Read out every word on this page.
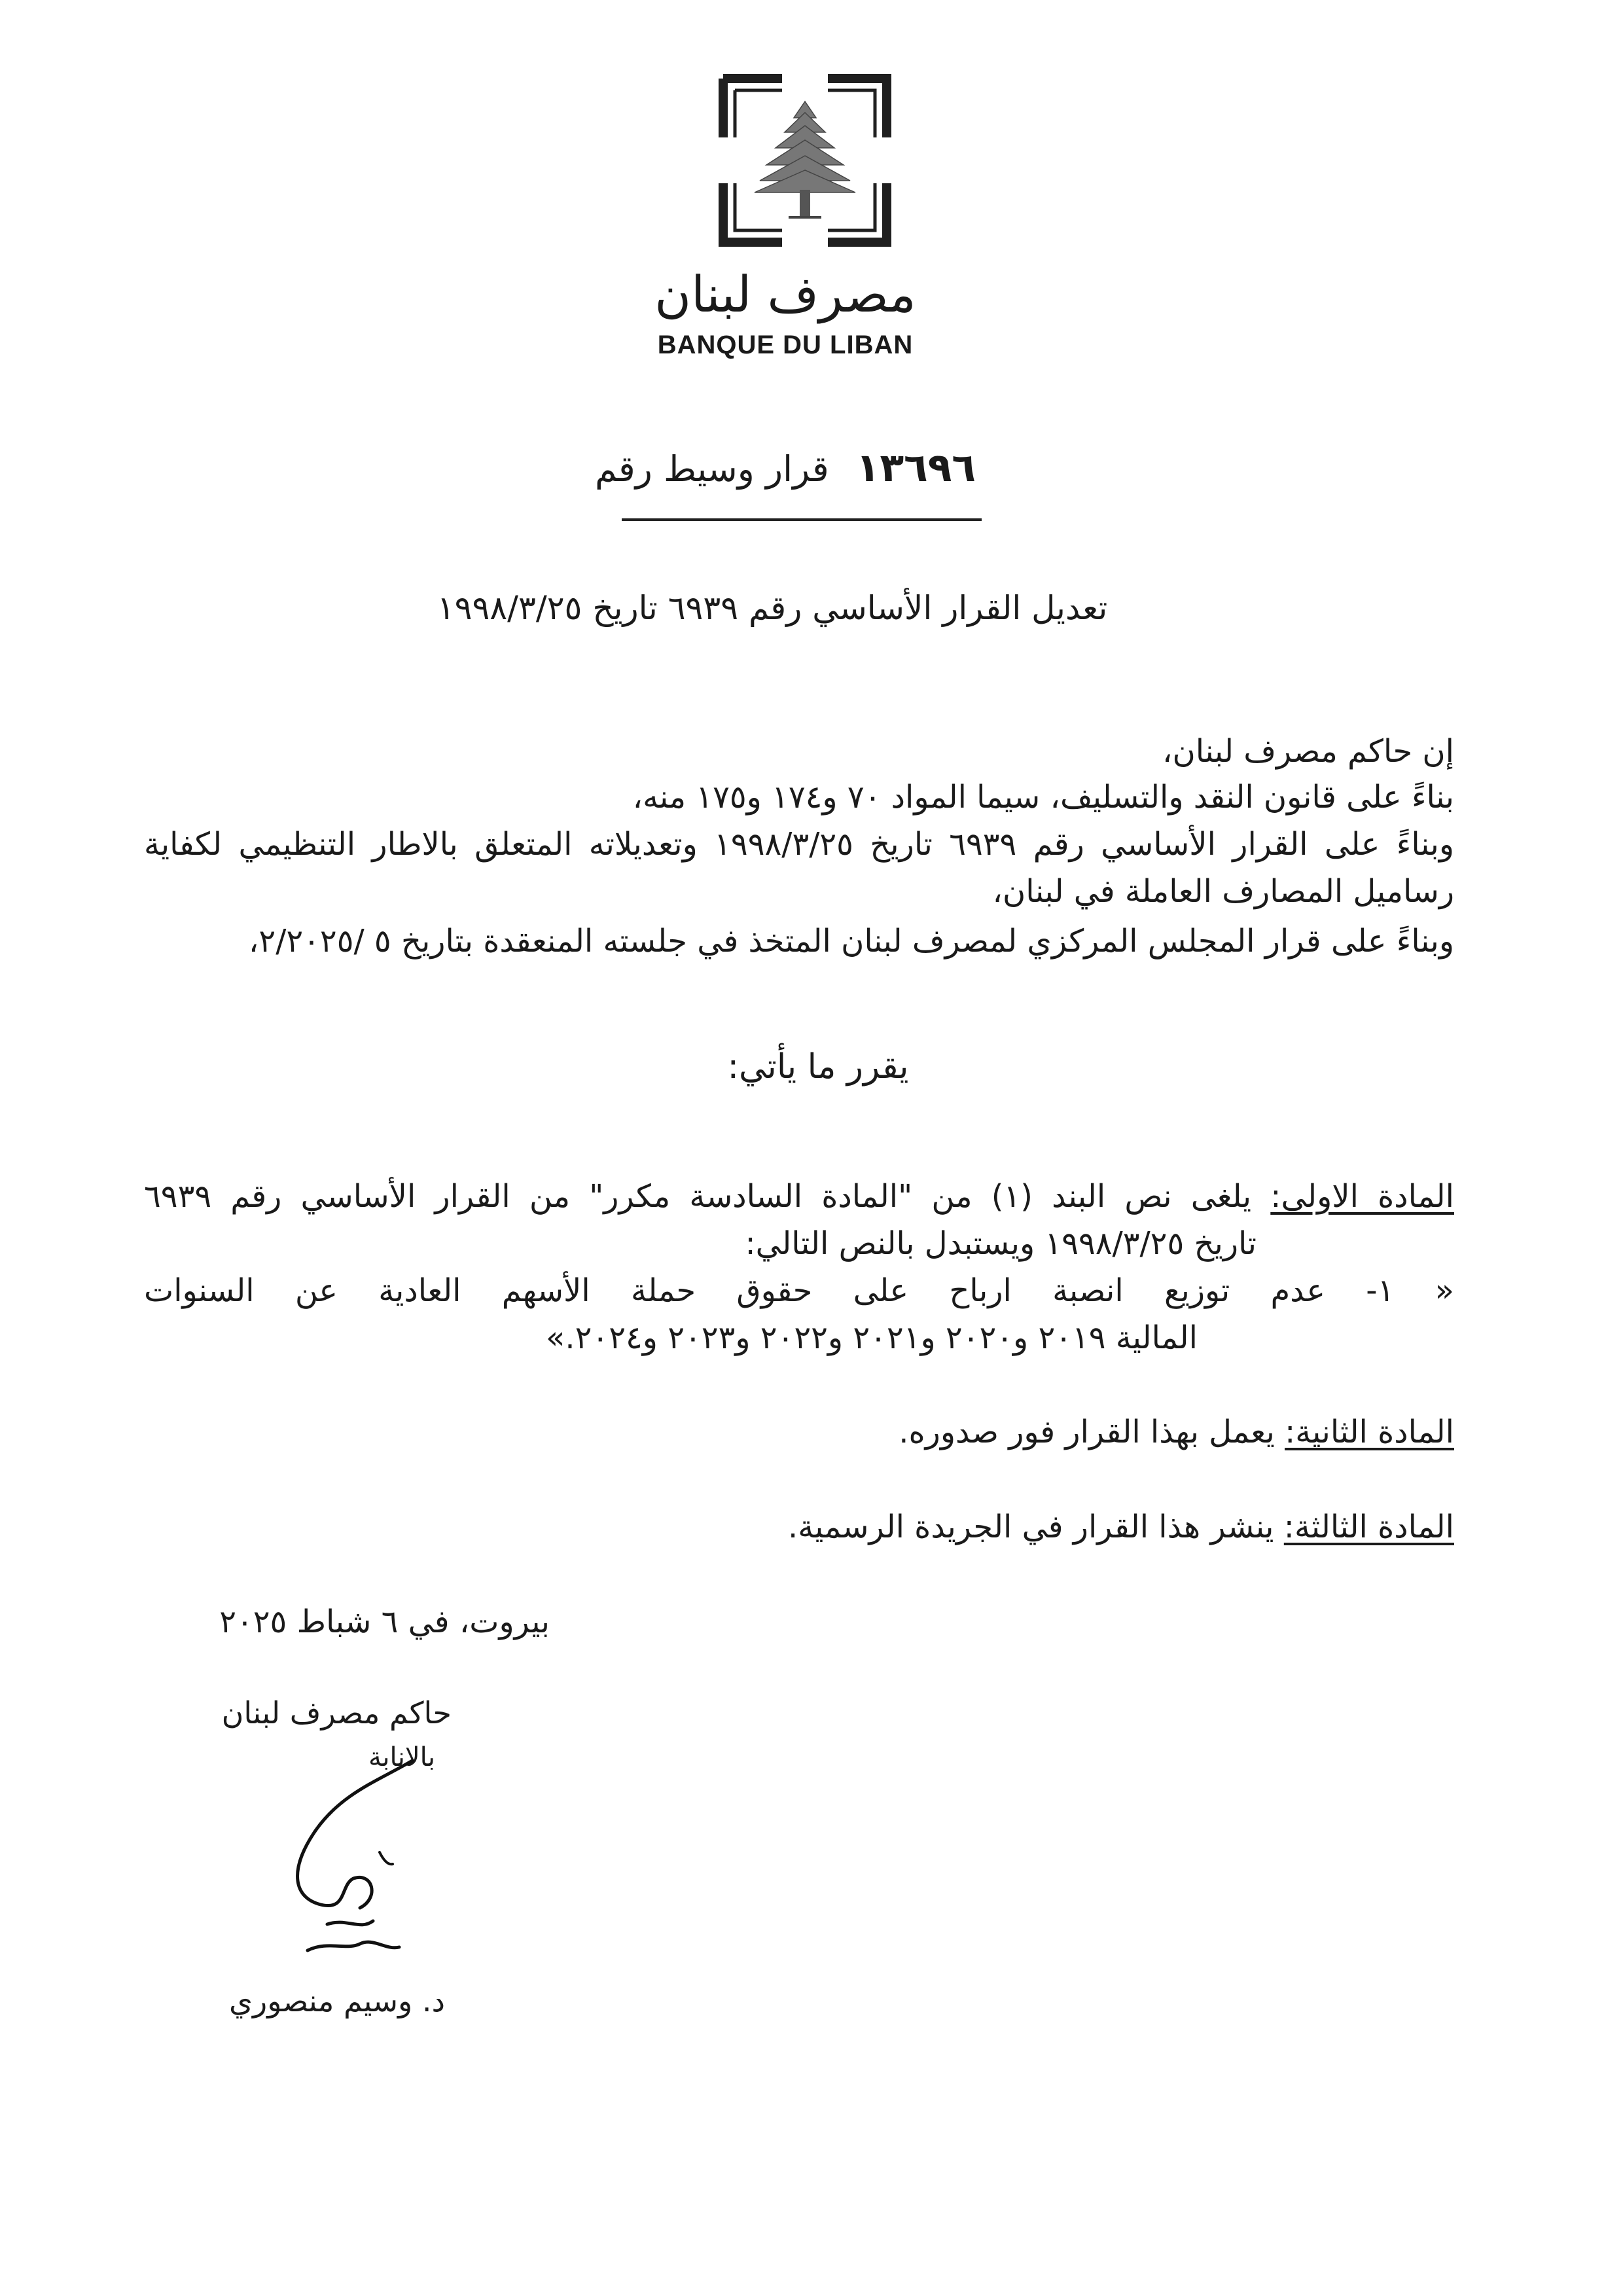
مصرف لبنان
BANQUE DU LIBAN
قرار وسيط رقم ١٣٦٩٦
تعديل القرار الأساسي رقم ٦٩٣٩ تاريخ ١٩٩٨/٣/٢٥
إن حاكم مصرف لبنان،
بناءً على قانون النقد والتسليف، سيما المواد ٧٠ و١٧٤ و١٧٥ منه،
وبناءً على القرار الأساسي رقم ٦٩٣٩ تاريخ ١٩٩٨/٣/٢٥ وتعديلاته المتعلق بالاطار التنظيمي لكفاية
رساميل المصارف العاملة في لبنان،
وبناءً على قرار المجلس المركزي لمصرف لبنان المتخذ في جلسته المنعقدة بتاريخ ٥ /٢/٢٠٢٥،
يقرر ما يأتي:
المادة الاولى: يلغى نص البند (١) من "المادة السادسة مكرر" من القرار الأساسي رقم ٦٩٣٩
تاريخ ١٩٩٨/٣/٢٥ ويستبدل بالنص التالي:
« ١- عدم توزيع انصبة ارباح على حقوق حملة الأسهم العادية عن السنوات
المالية ٢٠١٩ و٢٠٢٠ و٢٠٢١ و٢٠٢٢ و٢٠٢٣ و٢٠٢٤.»
المادة الثانية: يعمل بهذا القرار فور صدوره.
المادة الثالثة: ينشر هذا القرار في الجريدة الرسمية.
بيروت، في ٦ شباط ٢٠٢٥
حاكم مصرف لبنان
بالانابة
د. وسيم منصوري
